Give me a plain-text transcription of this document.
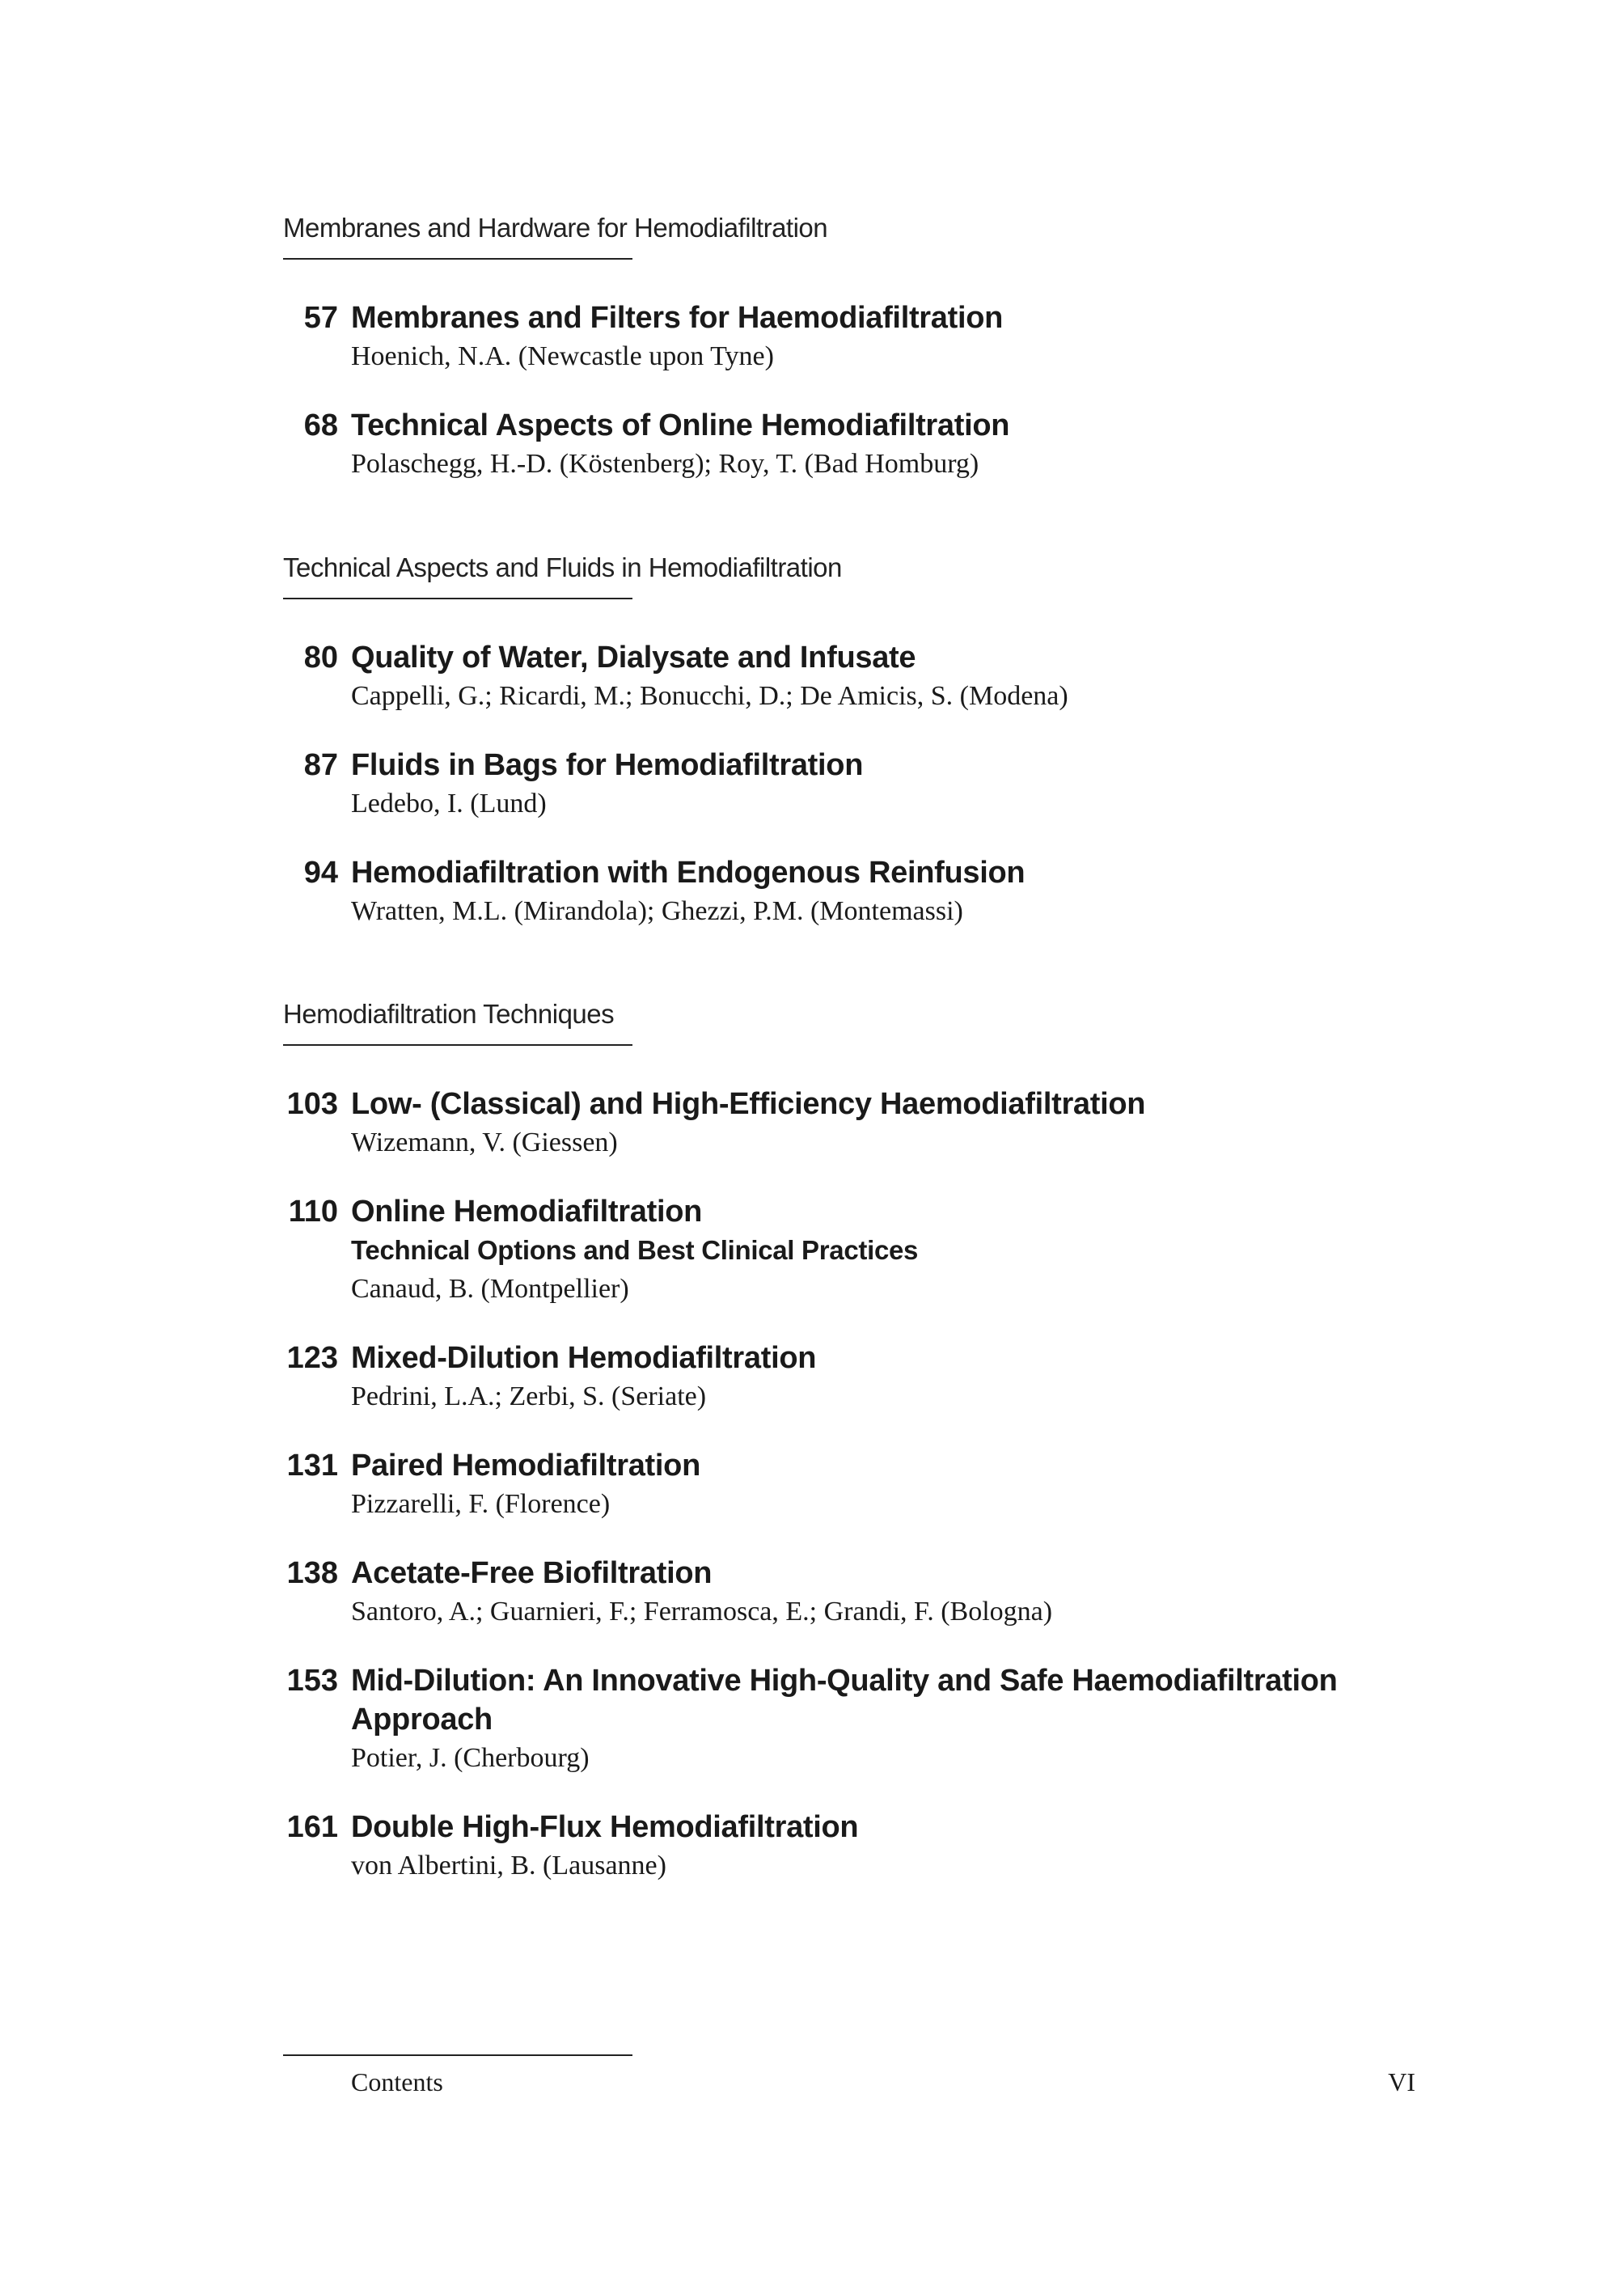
Membranes and Hardware for Hemodiafiltration
57 Membranes and Filters for Haemodiafiltration
Hoenich, N.A. (Newcastle upon Tyne)
68 Technical Aspects of Online Hemodiafiltration
Polaschegg, H.-D. (Köstenberg); Roy, T. (Bad Homburg)
Technical Aspects and Fluids in Hemodiafiltration
80 Quality of Water, Dialysate and Infusate
Cappelli, G.; Ricardi, M.; Bonucchi, D.; De Amicis, S. (Modena)
87 Fluids in Bags for Hemodiafiltration
Ledebo, I. (Lund)
94 Hemodiafiltration with Endogenous Reinfusion
Wratten, M.L. (Mirandola); Ghezzi, P.M. (Montemassi)
Hemodiafiltration Techniques
103 Low- (Classical) and High-Efficiency Haemodiafiltration
Wizemann, V. (Giessen)
110 Online Hemodiafiltration
Technical Options and Best Clinical Practices
Canaud, B. (Montpellier)
123 Mixed-Dilution Hemodiafiltration
Pedrini, L.A.; Zerbi, S. (Seriate)
131 Paired Hemodiafiltration
Pizzarelli, F. (Florence)
138 Acetate-Free Biofiltration
Santoro, A.; Guarnieri, F.; Ferramosca, E.; Grandi, F. (Bologna)
153 Mid-Dilution: An Innovative High-Quality and Safe Haemodiafiltration Approach
Potier, J. (Cherbourg)
161 Double High-Flux Hemodiafiltration
von Albertini, B. (Lausanne)
Contents	VI
